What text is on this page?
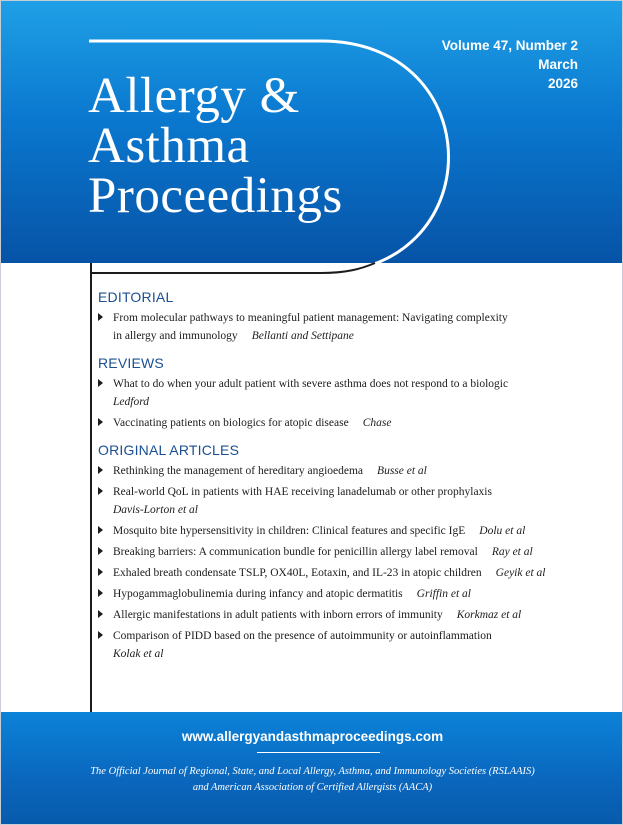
Allergy &
Asthma
Proceedings
Volume 47, Number 2
March
2026
EDITORIAL
From molecular pathways to meaningful patient management: Navigating complexity
in allergy and immunology Bellanti and Settipane
REVIEWS
What to do when your adult patient with severe asthma does not respond to a biologic
Ledford
Vaccinating patients on biologics for atopic disease Chase
ORIGINAL ARTICLES
Rethinking the management of hereditary angioedema Busse et al
Real-world QoL in patients with HAE receiving lanadelumab or other prophylaxis
Davis-Lorton et al
Mosquito bite hypersensitivity in children: Clinical features and specific IgE Dolu et al
Breaking barriers: A communication bundle for penicillin allergy label removal Ray et al
Exhaled breath condensate TSLP, OX40L, Eotaxin, and IL-23 in atopic children Geyik et al
Hypogammaglobulinemia during infancy and atopic dermatitis Griffin et al
Allergic manifestations in adult patients with inborn errors of immunity Korkmaz et al
Comparison of PIDD based on the presence of autoimmunity or autoinflammation
Kolak et al
www.allergyandasthmaproceedings.com
The Official Journal of Regional, State, and Local Allergy, Asthma, and Immunology Societies (RSLAAIS)
and American Association of Certified Allergists (AACA)
